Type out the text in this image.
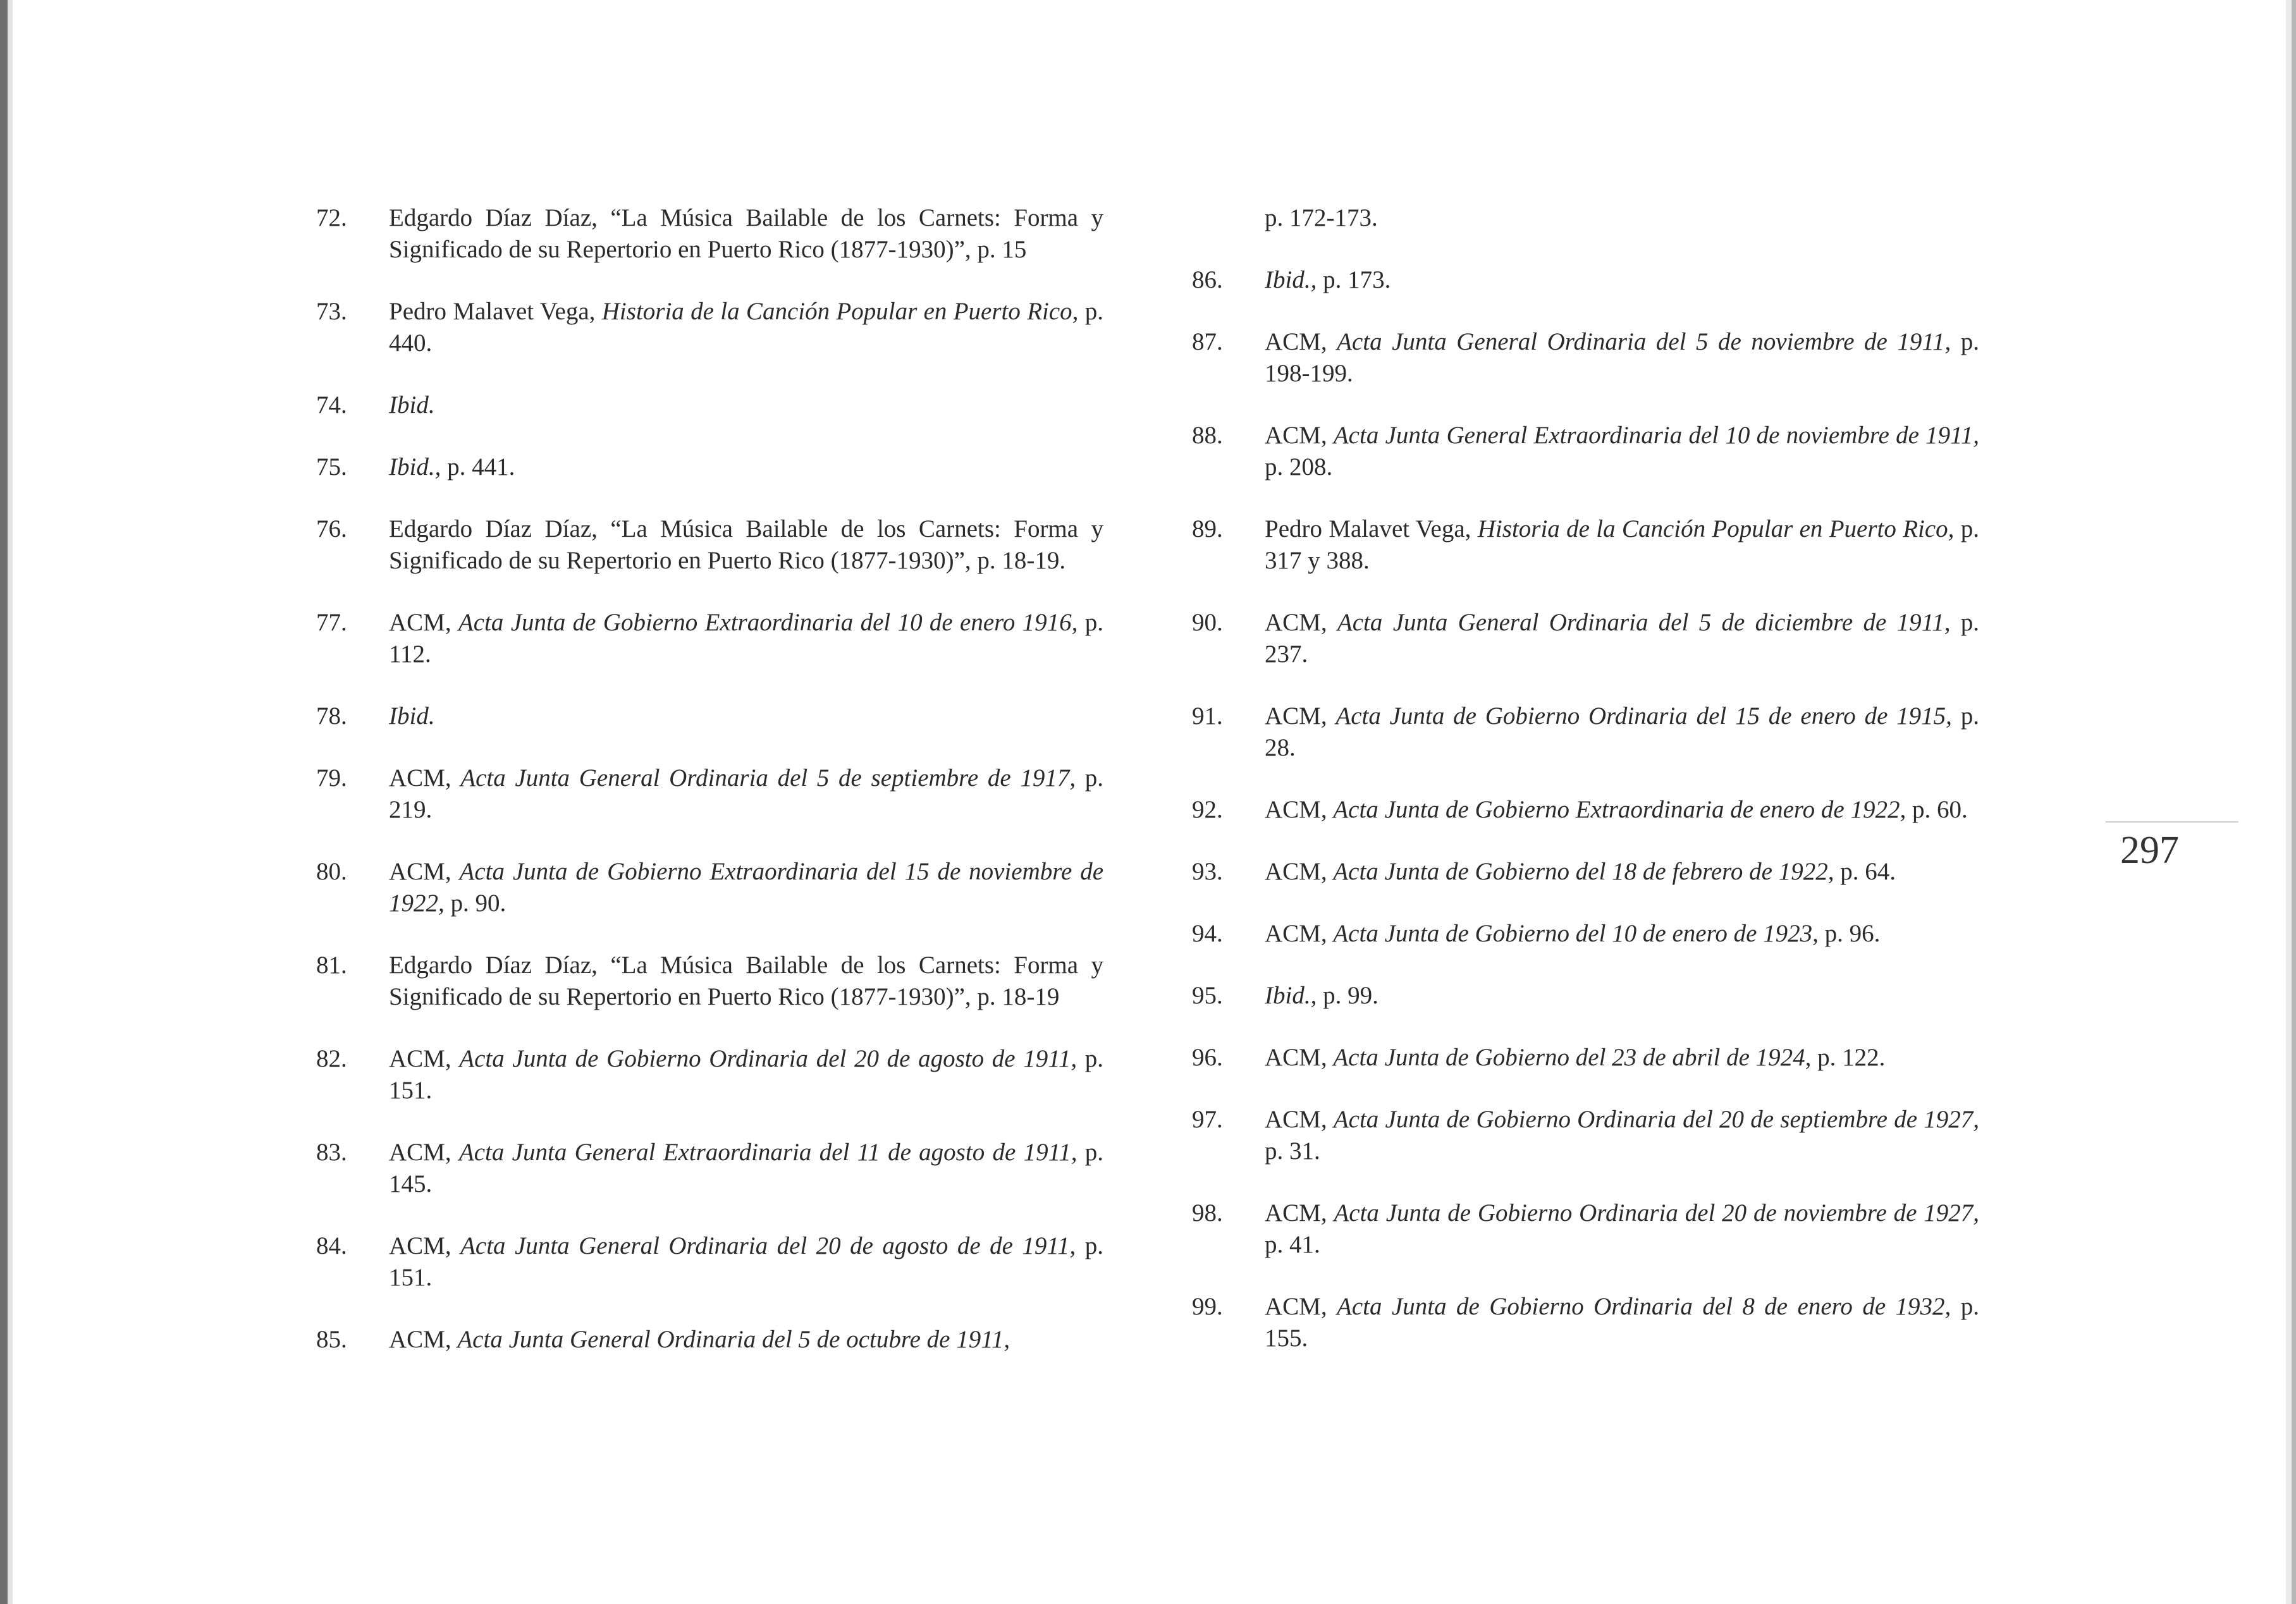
72. Edgardo Díaz Díaz, “La Música Bailable de los Carnets: Forma y Significado de su Repertorio en Puerto Rico (1877-1930)”, p. 15
73. Pedro Malavet Vega, Historia de la Canción Popular en Puerto Rico, p. 440.
74. Ibid.
75. Ibid., p. 441.
76. Edgardo Díaz Díaz, “La Música Bailable de los Carnets: Forma y Significado de su Repertorio en Puerto Rico (1877-1930)”, p. 18-19.
77. ACM, Acta Junta de Gobierno Extraordinaria del 10 de enero 1916, p. 112.
78. Ibid.
79. ACM, Acta Junta General Ordinaria del 5 de septiembre de 1917, p. 219.
80. ACM, Acta Junta de Gobierno Extraordinaria del 15 de noviembre de 1922, p. 90.
81. Edgardo Díaz Díaz, “La Música Bailable de los Carnets: Forma y Significado de su Repertorio en Puerto Rico (1877-1930)”, p. 18-19
82. ACM, Acta Junta de Gobierno Ordinaria del 20 de agosto de 1911, p. 151.
83. ACM, Acta Junta General Extraordinaria del 11 de agosto de 1911, p. 145.
84. ACM, Acta Junta General Ordinaria del 20 de agosto de de 1911, p. 151.
85. ACM, Acta Junta General Ordinaria del 5 de octubre de 1911,
p. 172-173.
86. Ibid., p. 173.
87. ACM, Acta Junta General Ordinaria del 5 de noviembre de 1911, p. 198-199.
88. ACM, Acta Junta General Extraordinaria del 10 de noviembre de 1911, p. 208.
89. Pedro Malavet Vega, Historia de la Canción Popular en Puerto Rico, p. 317 y 388.
90. ACM, Acta Junta General Ordinaria del 5 de diciembre de 1911, p. 237.
91. ACM, Acta Junta de Gobierno Ordinaria del 15 de enero de 1915, p. 28.
92. ACM, Acta Junta de Gobierno Extraordinaria de enero de 1922, p. 60.
93. ACM, Acta Junta de Gobierno del 18 de febrero de 1922, p. 64.
94. ACM, Acta Junta de Gobierno del 10 de enero de 1923, p. 96.
95. Ibid., p. 99.
96. ACM, Acta Junta de Gobierno del 23 de abril de 1924, p. 122.
97. ACM, Acta Junta de Gobierno Ordinaria del 20 de septiembre de 1927, p. 31.
98. ACM, Acta Junta de Gobierno Ordinaria del 20 de noviembre de 1927, p. 41.
99. ACM, Acta Junta de Gobierno Ordinaria del 8 de enero de 1932, p. 155.
297
